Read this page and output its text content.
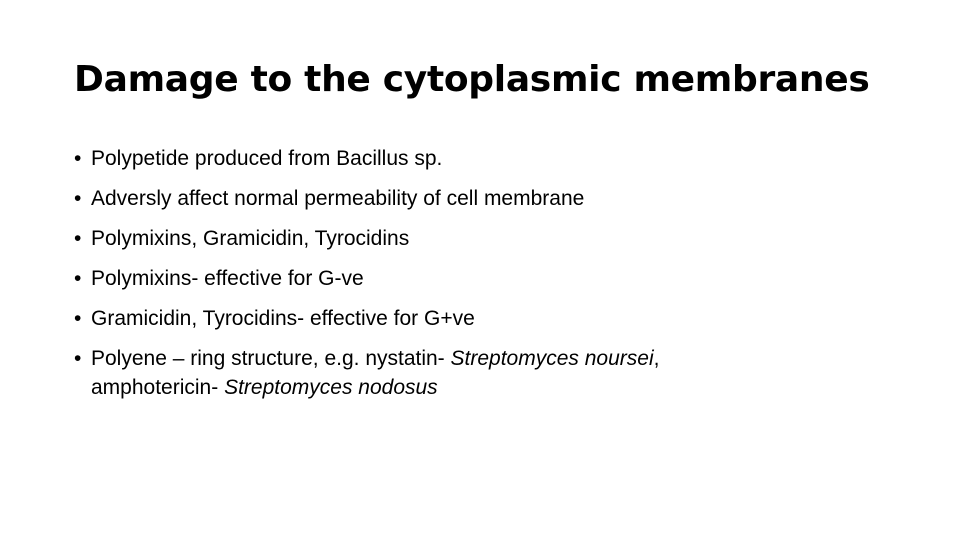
Damage to the cytoplasmic membranes
• Polypetide produced from Bacillus sp.
• Adversly affect normal permeability of cell membrane
• Polymixins, Gramicidin, Tyrocidins
• Polymixins- effective for G-ve
• Gramicidin, Tyrocidins- effective for G+ve
• Polyene – ring structure, e.g. nystatin- Streptomyces noursei,
amphotericin- Streptomyces nodosus
